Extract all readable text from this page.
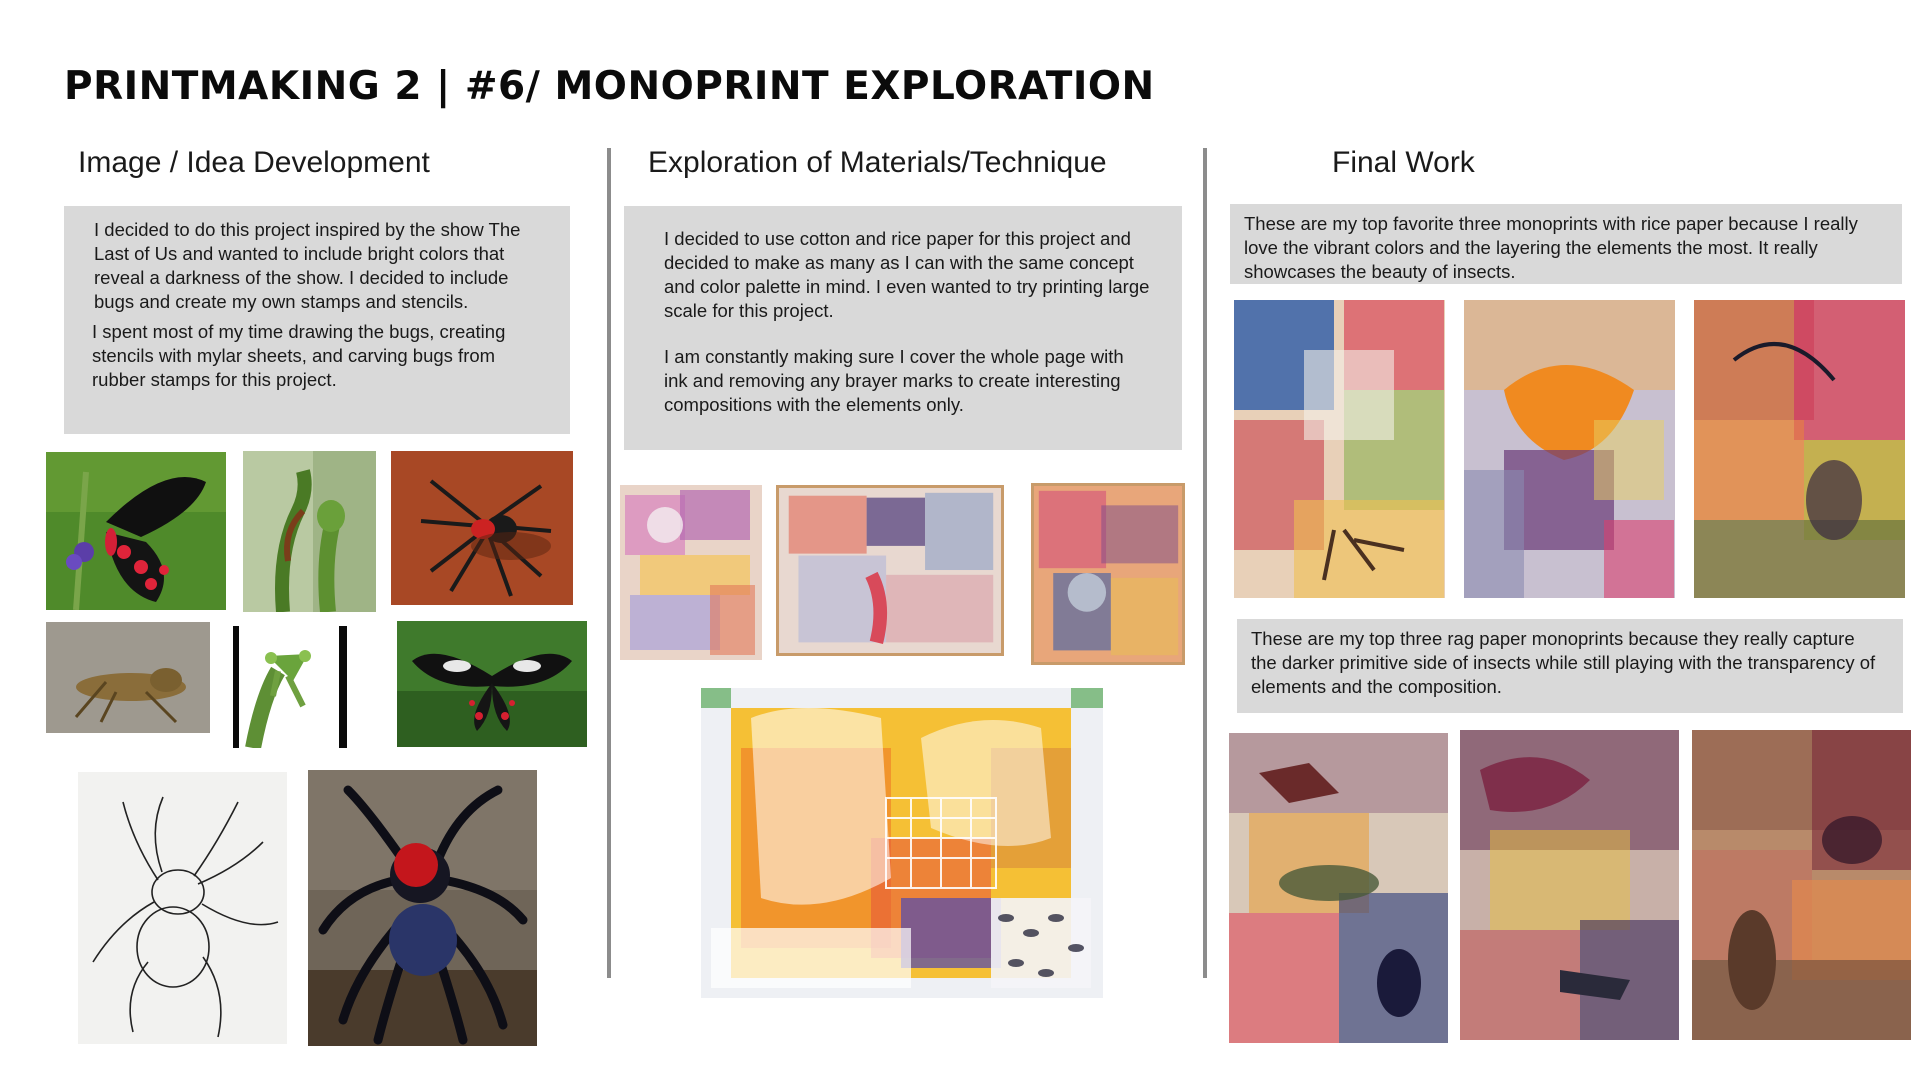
PRINTMAKING 2 | #6/ MONOPRINT EXPLORATION
Image / Idea Development	Exploration of Materials/Technique	Final Work

I decided to do this project inspired by the show The Last of Us and wanted to include bright colors that reveal a darkness of the show. I decided to include bugs and create my own stamps and stencils.

I spent most of my time drawing the bugs, creating stencils with mylar sheets, and carving bugs from rubber stamps for this project.

I decided to use cotton and rice paper for this project and decided to make as many as I can with the same concept and color palette in mind. I even wanted to try printing large scale for this project.

I am constantly making sure I cover the whole page with ink and removing any brayer marks to create interesting compositions with the elements only.

These are my top favorite three monoprints with rice paper because I really love the vibrant colors and the layering the elements the most. It really showcases the beauty of insects.

These are my top three rag paper monoprints because they really capture the darker primitive side of insects while still playing with the transparency of elements and the composition.
